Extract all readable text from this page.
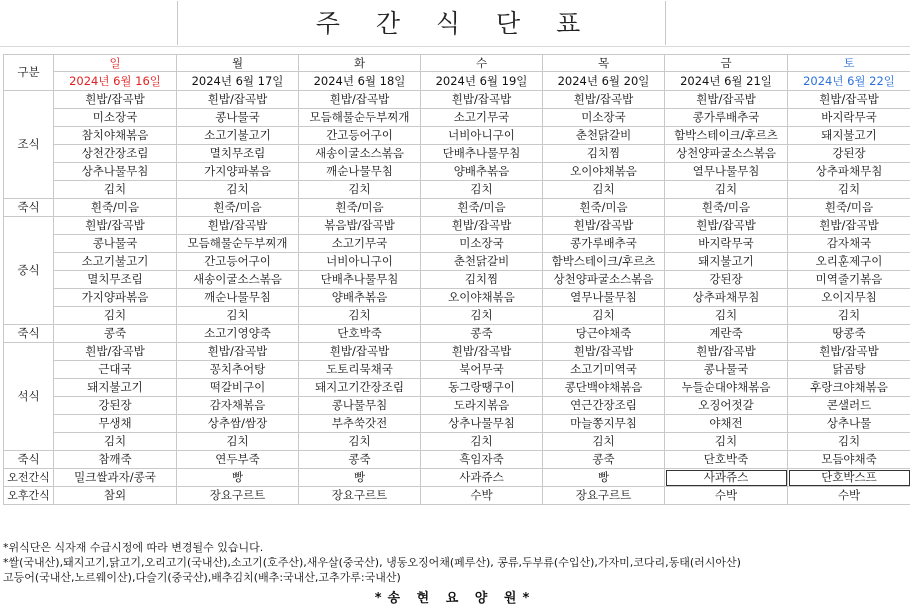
주 간 식 단 표
구분	일	월	화	수	목	금	토
	2024년 6월 16일	2024년 6월 17일	2024년 6월 18일	2024년 6월 19일	2024년 6월 20일	2024년 6월 21일	2024년 6월 22일
조식	흰밥/잡곡밥	흰밥/잡곡밥	흰밥/잡곡밥	흰밥/잡곡밥	흰밥/잡곡밥	흰밥/잡곡밥	흰밥/잡곡밥
	미소장국	콩나물국	모듬해물순두부찌개	소고기무국	미소장국	콩가루배추국	바지락무국
	참치야채볶음	소고기불고기	간고등어구이	너비아니구이	춘천닭갈비	함박스테이크/후르츠	돼지불고기
	상천간장조림	멸치무조림	새송이굴소스볶음	단배추나물무침	김치찜	상천양파굴소스볶음	강된장
	상추나물무침	가지양파볶음	깨순나물무침	양배추볶음	오이야채볶음	열무나물무침	상추파채무침
	김치	김치	김치	김치	김치	김치	김치
죽식	흰죽/미음	흰죽/미음	흰죽/미음	흰죽/미음	흰죽/미음	흰죽/미음	흰죽/미음
중식	흰밥/잡곡밥	흰밥/잡곡밥	볶음밥/잡곡밥	흰밥/잡곡밥	흰밥/잡곡밥	흰밥/잡곡밥	흰밥/잡곡밥
	콩나물국	모듬해물순두부찌개	소고기무국	미소장국	콩가루배추국	바지락무국	감자채국
	소고기불고기	간고등어구이	너비아니구이	춘천닭갈비	함박스테이크/후르츠	돼지불고기	오리훈제구이
	멸치무조림	새송이굴소스볶음	단배추나물무침	김치찜	상천양파굴소스볶음	강된장	미역줄기볶음
	가지양파볶음	깨순나물무침	양배추볶음	오이야채볶음	열무나물무침	상추파채무침	오이지무침
	김치	김치	김치	김치	김치	김치	김치
죽식	콩죽	소고기영양죽	단호박죽	콩죽	당근야채죽	계란죽	땅콩죽
석식	흰밥/잡곡밥	흰밥/잡곡밥	흰밥/잡곡밥	흰밥/잡곡밥	흰밥/잡곡밥	흰밥/잡곡밥	흰밥/잡곡밥
	근대국	꽁치추어탕	도토리묵채국	북어무국	소고기미역국	콩나물국	닭곰탕
	돼지불고기	떡갈비구이	돼지고기간장조림	동그랑땡구이	콩단백야채볶음	누들순대야채볶음	후랑크야채볶음
	강된장	감자채볶음	콩나물무침	도라지볶음	연근간장조림	오징어젓갈	콘샐러드
	무생채	상추쌈/쌈장	부추쑥갓전	상추나물무침	마늘쫑지무침	야채전	상추나물
	김치	김치	김치	김치	김치	김치	김치
죽식	참깨죽	연두부죽	콩죽	흑임자죽	콩죽	단호박죽	모듬야채죽
오전간식	밀크쌀과자/콩국	빵	빵	사과쥬스	빵	사과쥬스	단호박스프
오후간식	참외	장요구르트	장요구르트	수박	장요구르트	수박	수박
*위식단은 식자재 수급시정에 따라 변경될수 있습니다.
*쌀(국내산),돼지고기,닭고기,오리고기(국내산),소고기(호주산),새우살(중국산), 냉동오징어채(페루산), 콩류,두부류(수입산),가자미,코다리,동태(러시아산)
고등어(국내산,노르웨이산),다슬기(중국산),배추김치(배추:국내산,고추가루:국내산)
*송 현 요 양 원*
